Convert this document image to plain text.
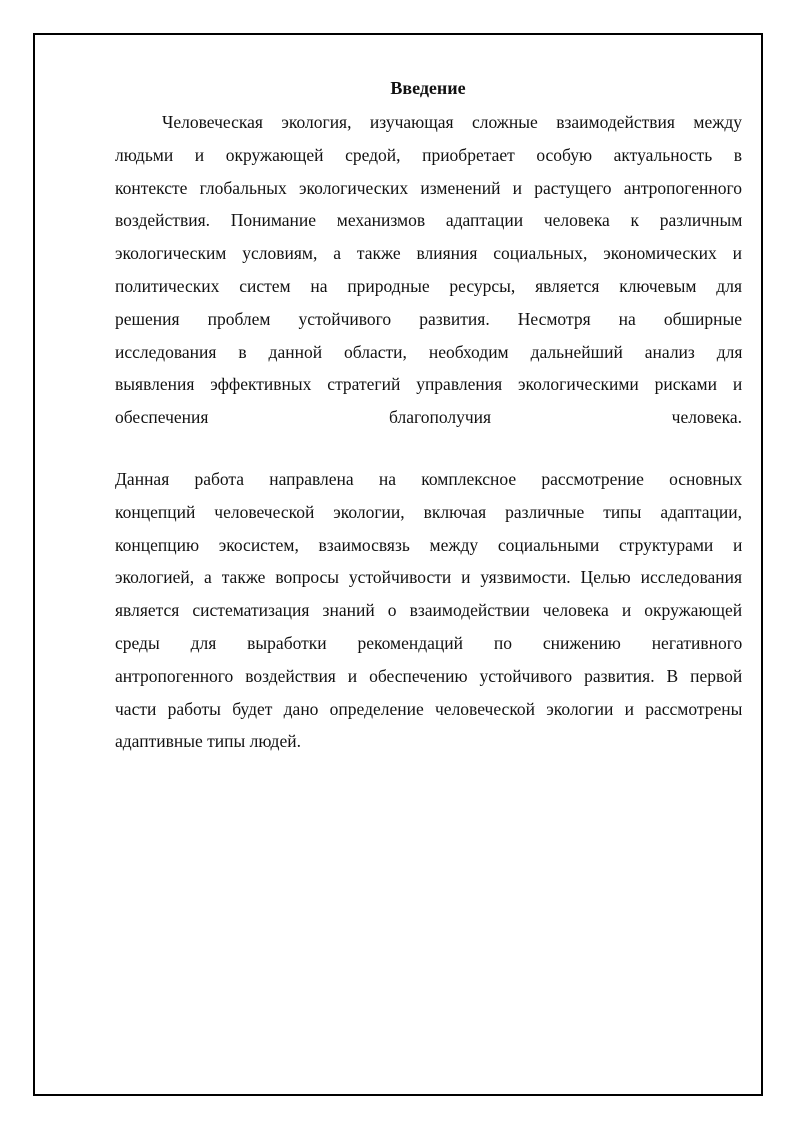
Введение
Человеческая экология, изучающая сложные взаимодействия между
людьми и окружающей средой, приобретает особую актуальность в
контексте глобальных экологических изменений и растущего антропогенного
воздействия. Понимание механизмов адаптации человека к различным
экологическим условиям, а также влияния социальных, экономических и
политических систем на природные ресурсы, является ключевым для
решения проблем устойчивого развития. Несмотря на обширные
исследования в данной области, необходим дальнейший анализ для
выявления эффективных стратегий управления экологическими рисками и
обеспечения благополучия человека.
Данная работа направлена на комплексное рассмотрение основных
концепций человеческой экологии, включая различные типы адаптации,
концепцию экосистем, взаимосвязь между социальными структурами и
экологией, а также вопросы устойчивости и уязвимости. Целью исследования
является систематизация знаний о взаимодействии человека и окружающей
среды для выработки рекомендаций по снижению негативного
антропогенного воздействия и обеспечению устойчивого развития. В первой
части работы будет дано определение человеческой экологии и рассмотрены
адаптивные типы людей.
